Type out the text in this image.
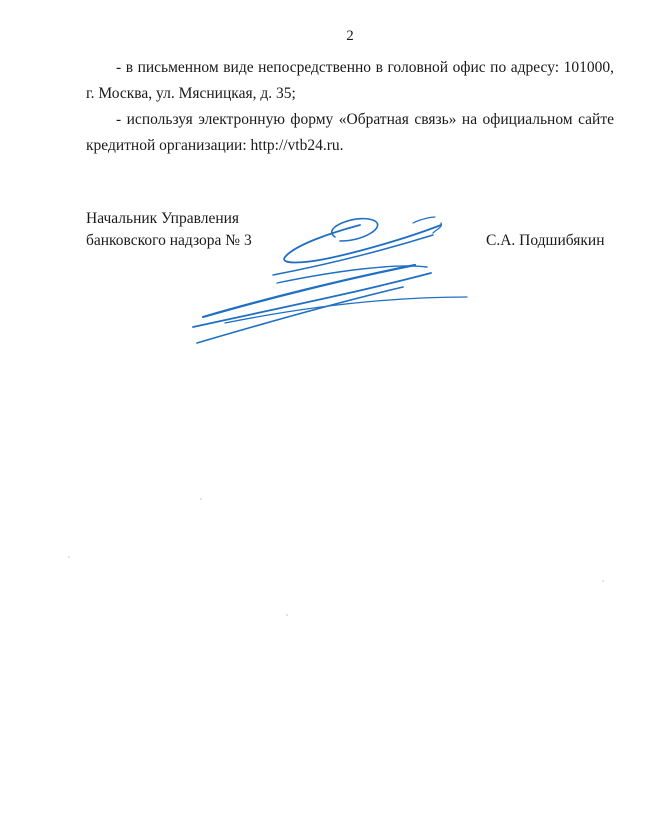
2

- в письменном виде непосредственно в головной офис по адресу: 101000, г. Москва, ул. Мясницкая, д. 35;

- используя электронную форму «Обратная связь» на официальном сайте кредитной организации: http://vtb24.ru.

Начальник Управления
банковского надзора № 3	С.А. Подшибякин
